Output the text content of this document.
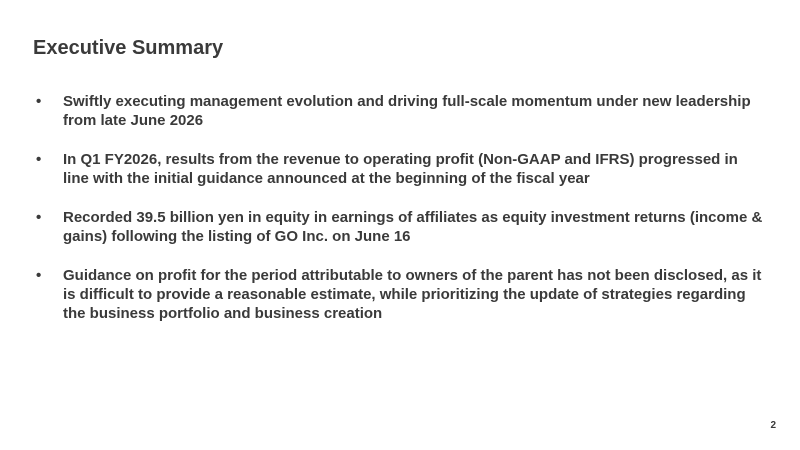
Executive Summary
•	Swiftly executing management evolution and driving full-scale momentum under new leadership from late June 2026
•	In Q1 FY2026, results from the revenue to operating profit (Non-GAAP and IFRS) progressed in line with the initial guidance announced at the beginning of the fiscal year
•	Recorded 39.5 billion yen in equity in earnings of affiliates as equity investment returns (income & gains) following the listing of GO Inc. on June 16
•	Guidance on profit for the period attributable to owners of the parent has not been disclosed, as it is difficult to provide a reasonable estimate, while prioritizing the update of strategies regarding the business portfolio and business creation
2
